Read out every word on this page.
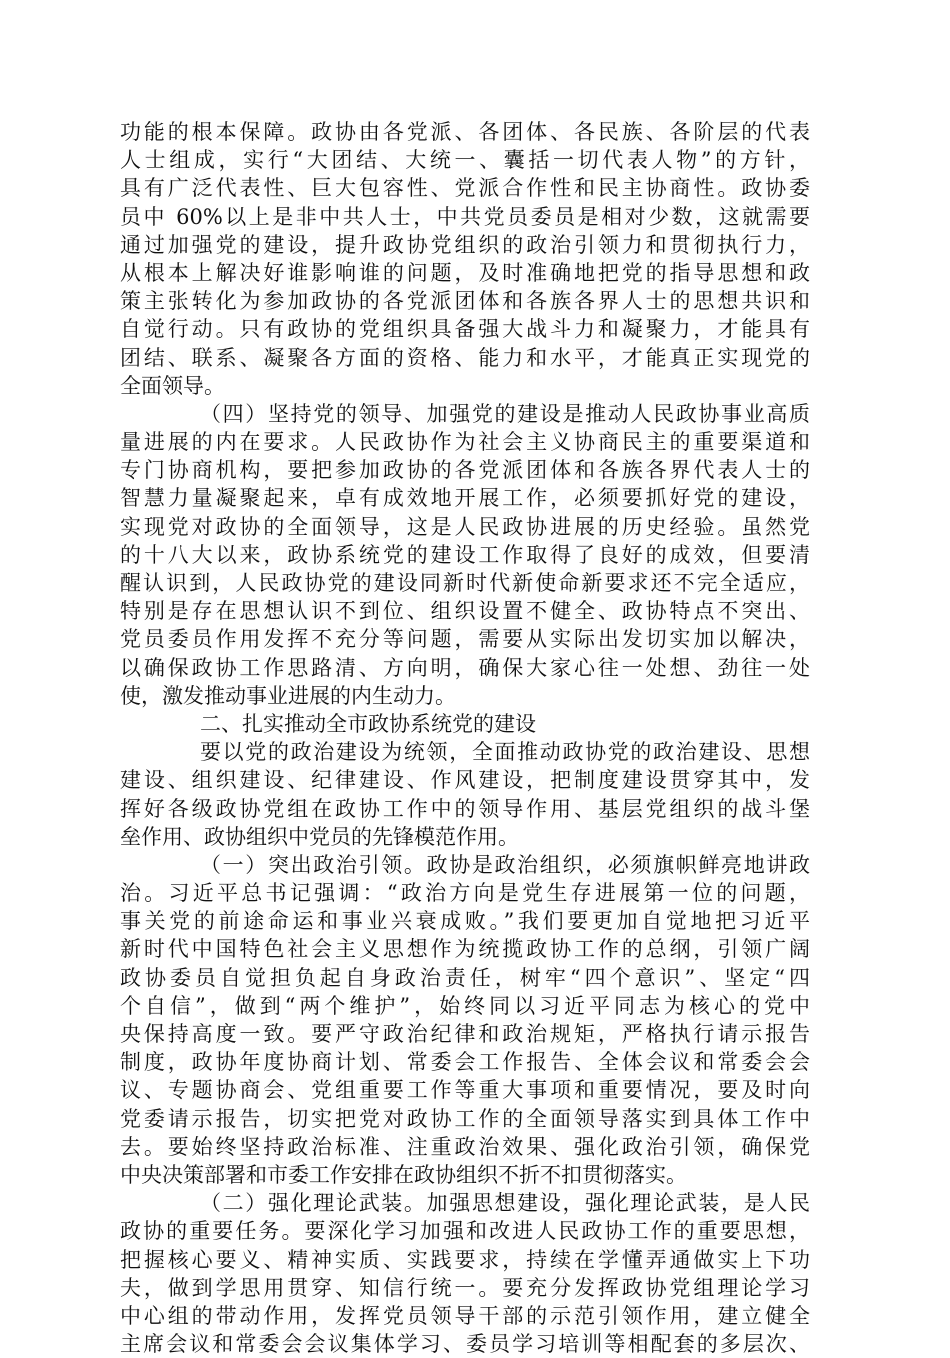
功能的根本保障。政协由各党派、各团体、各民族、各阶层的代表
人士组成，实行“大团结、大统一、囊括一切代表人物”的方针，
具有广泛代表性、巨大包容性、党派合作性和民主协商性。政协委
员中 60%以上是非中共人士，中共党员委员是相对少数，这就需要
通过加强党的建设，提升政协党组织的政治引领力和贯彻执行力，
从根本上解决好谁影响谁的问题，及时准确地把党的指导思想和政
策主张转化为参加政协的各党派团体和各族各界人士的思想共识和
自觉行动。只有政协的党组织具备强大战斗力和凝聚力，才能具有
团结、联系、凝聚各方面的资格、能力和水平，才能真正实现党的
全面领导。
（四）坚持党的领导、加强党的建设是推动人民政协事业高质
量进展的内在要求。人民政协作为社会主义协商民主的重要渠道和
专门协商机构，要把参加政协的各党派团体和各族各界代表人士的
智慧力量凝聚起来，卓有成效地开展工作，必须要抓好党的建设，
实现党对政协的全面领导，这是人民政协进展的历史经验。虽然党
的十八大以来，政协系统党的建设工作取得了良好的成效，但要清
醒认识到，人民政协党的建设同新时代新使命新要求还不完全适应，
特别是存在思想认识不到位、组织设置不健全、政协特点不突出、
党员委员作用发挥不充分等问题，需要从实际出发切实加以解决，
以确保政协工作思路清、方向明，确保大家心往一处想、劲往一处
使，激发推动事业进展的内生动力。
二、扎实推动全市政协系统党的建设
要以党的政治建设为统领，全面推动政协党的政治建设、思想
建设、组织建设、纪律建设、作风建设，把制度建设贯穿其中，发
挥好各级政协党组在政协工作中的领导作用、基层党组织的战斗堡
垒作用、政协组织中党员的先锋模范作用。
（一）突出政治引领。政协是政治组织，必须旗帜鲜亮地讲政
治。习近平总书记强调：“政治方向是党生存进展第一位的问题，
事关党的前途命运和事业兴衰成败。”我们要更加自觉地把习近平
新时代中国特色社会主义思想作为统揽政协工作的总纲，引领广阔
政协委员自觉担负起自身政治责任，树牢“四个意识”、坚定“四
个自信”，做到“两个维护”，始终同以习近平同志为核心的党中
央保持高度一致。要严守政治纪律和政治规矩，严格执行请示报告
制度，政协年度协商计划、常委会工作报告、全体会议和常委会会
议、专题协商会、党组重要工作等重大事项和重要情况，要及时向
党委请示报告，切实把党对政协工作的全面领导落实到具体工作中
去。要始终坚持政治标准、注重政治效果、强化政治引领，确保党
中央决策部署和市委工作安排在政协组织不折不扣贯彻落实。
（二）强化理论武装。加强思想建设，强化理论武装，是人民
政协的重要任务。要深化学习加强和改进人民政协工作的重要思想，
把握核心要义、精神实质、实践要求，持续在学懂弄通做实上下功
夫，做到学思用贯穿、知信行统一。要充分发挥政协党组理论学习
中心组的带动作用，发挥党员领导干部的示范引领作用，建立健全
主席会议和常委会会议集体学习、委员学习培训等相配套的多层次、
